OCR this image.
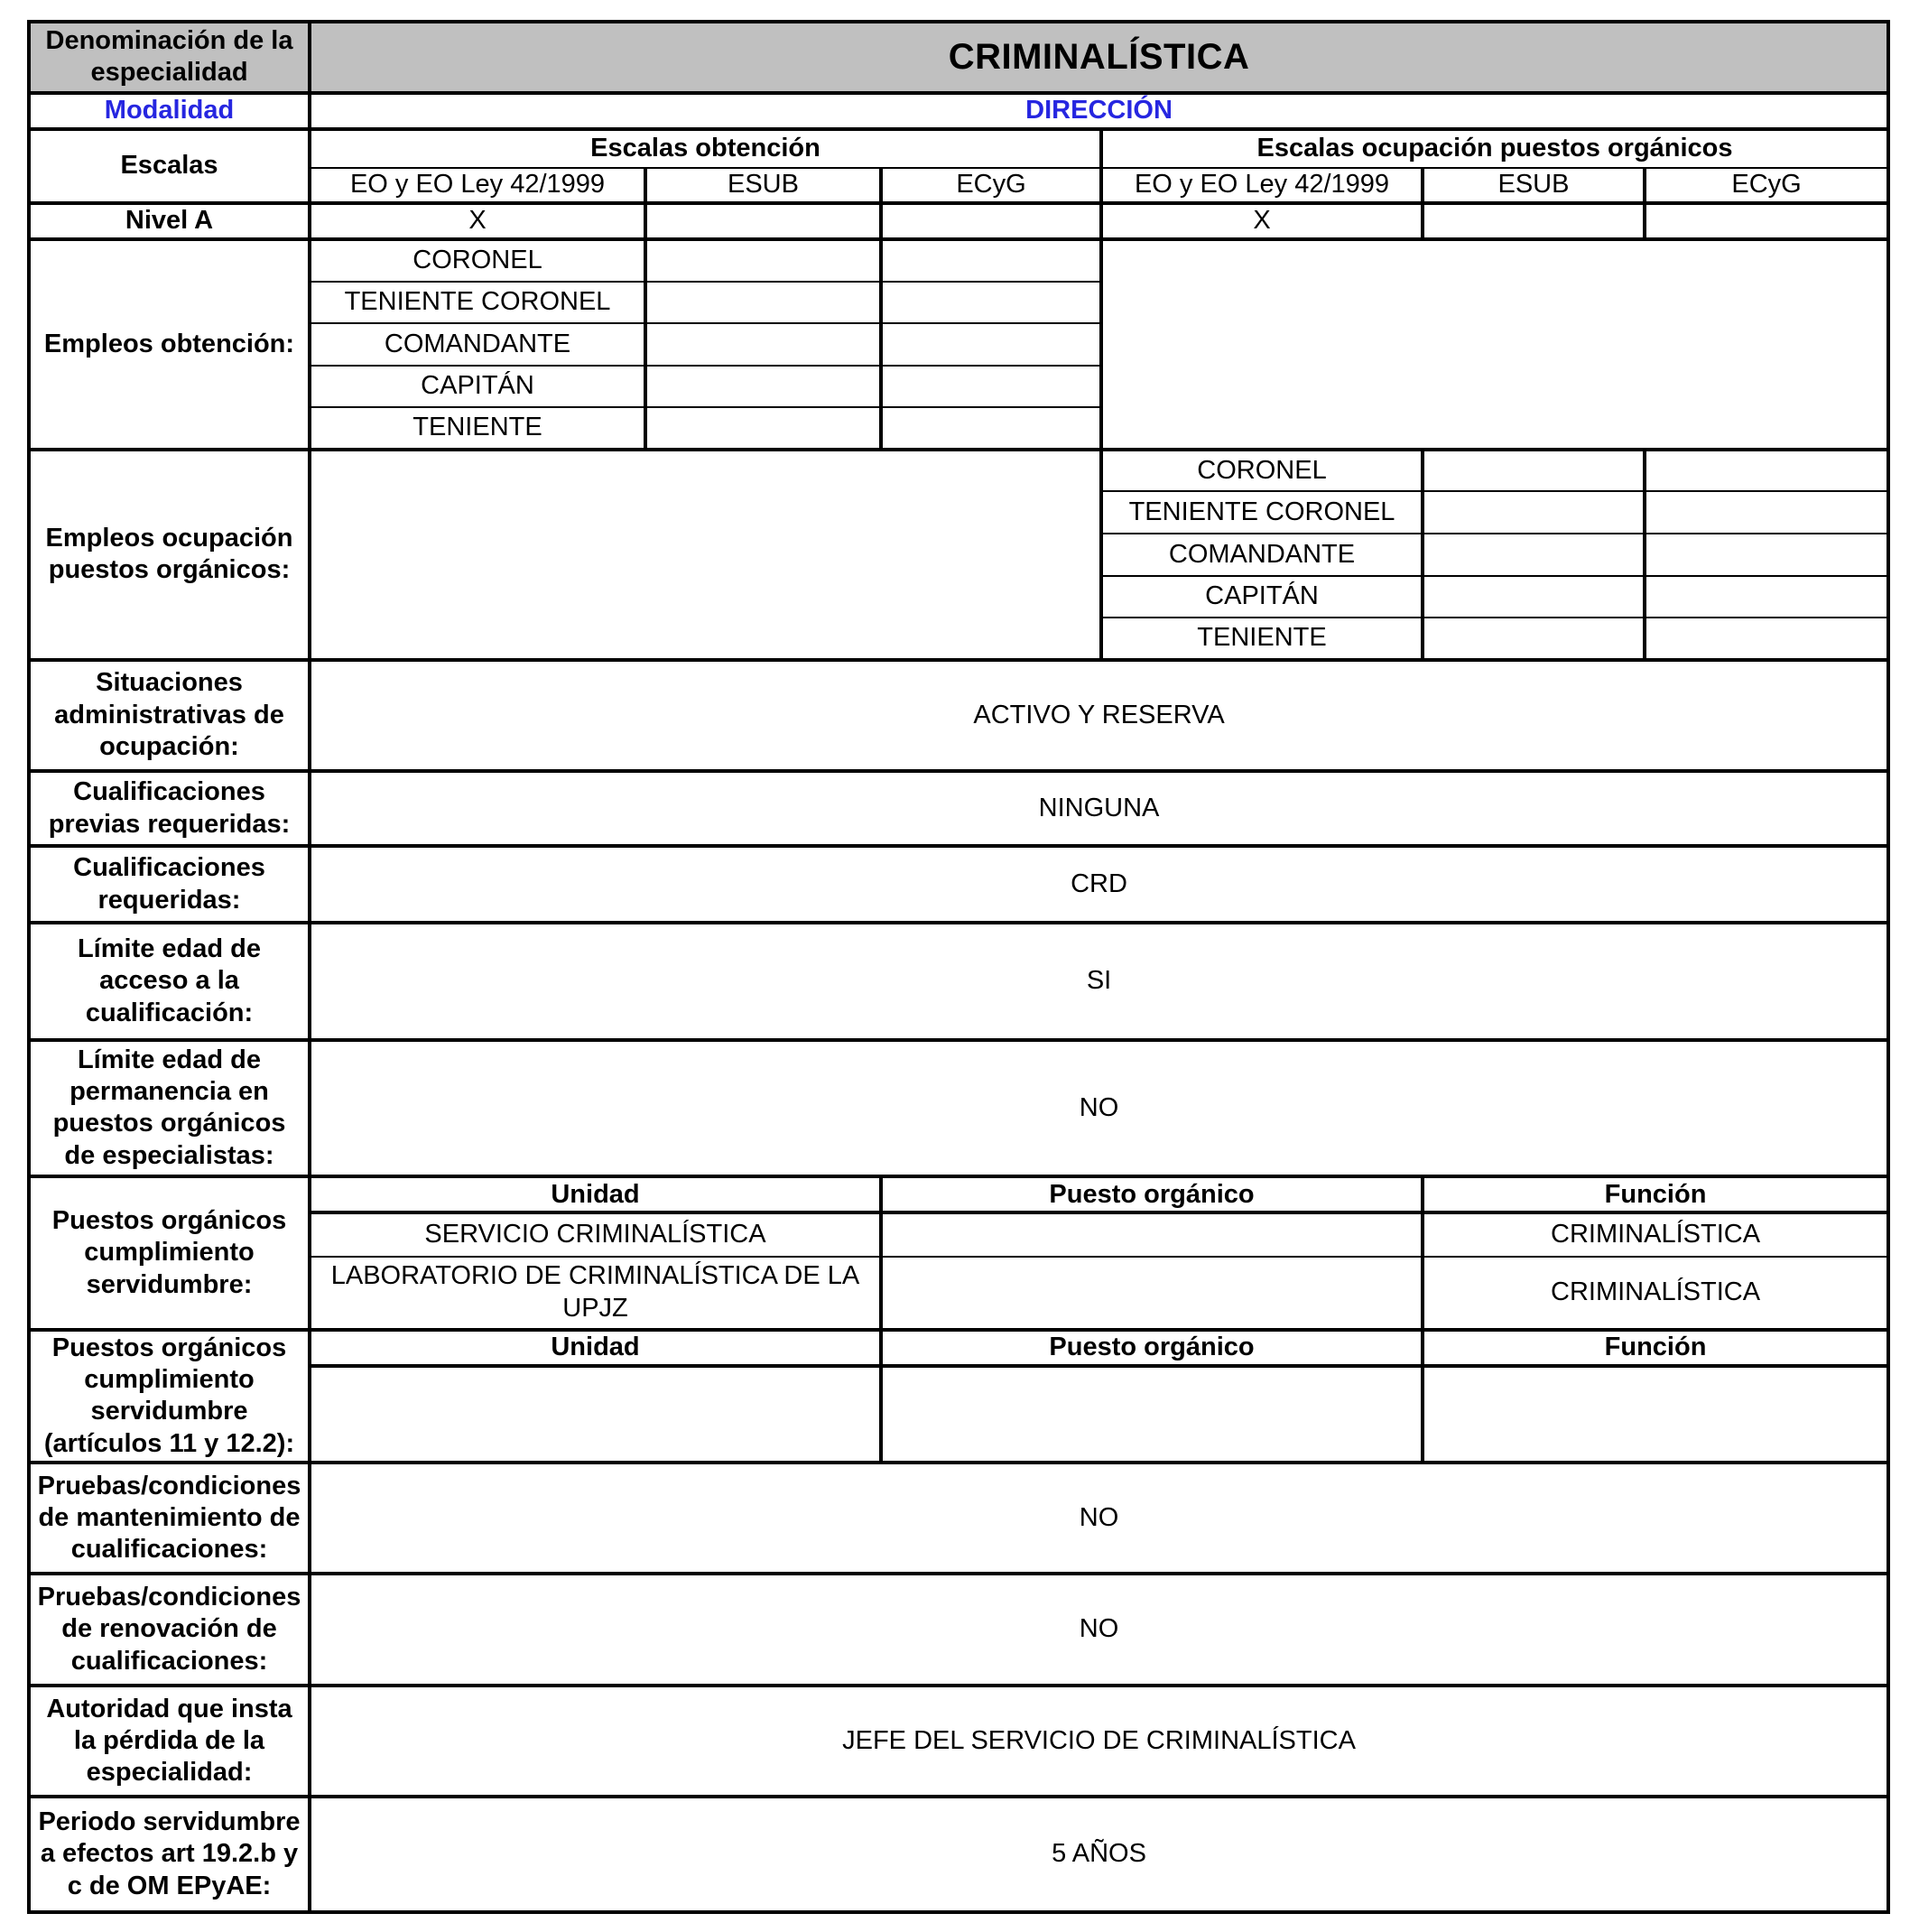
Denominación de la especialidad	CRIMINALÍSTICA					
Modalidad	DIRECCIÓN					
Escalas	Escalas obtención			Escalas ocupación puestos orgánicos		
	EO y EO Ley 42/1999	ESUB	ECyG	EO y EO Ley 42/1999	ESUB	ECyG
Nivel A	X			X		
Empleos obtención:	CORONEL					
	TENIENTE CORONEL					
	COMANDANTE					
	CAPITÁN					
	TENIENTE					
Empleos ocupación puestos orgánicos:				CORONEL		
				TENIENTE CORONEL		
				COMANDANTE		
				CAPITÁN		
				TENIENTE		
Situaciones administrativas de ocupación:	ACTIVO Y RESERVA					
Cualificaciones previas requeridas:	NINGUNA					
Cualificaciones requeridas:	CRD					
Límite edad de acceso a la cualificación:	SI					
Límite edad de permanencia en puestos orgánicos de especialistas:	NO					
Puestos orgánicos cumplimiento servidumbre:	Unidad		Puesto orgánico		Función	
	SERVICIO CRIMINALÍSTICA				CRIMINALÍSTICA	
	LABORATORIO DE CRIMINALÍSTICA DE LA UPJZ				CRIMINALÍSTICA	
Puestos orgánicos cumplimiento servidumbre (artículos 11 y 12.2):	Unidad		Puesto orgánico		Función	

Pruebas/condiciones de mantenimiento de cualificaciones:	NO					
Pruebas/condiciones de renovación de cualificaciones:	NO					
Autoridad que insta la pérdida de la especialidad:	JEFE DEL SERVICIO DE CRIMINALÍSTICA					
Periodo servidumbre a efectos art 19.2.b y c de OM EPyAE:	5 AÑOS					
